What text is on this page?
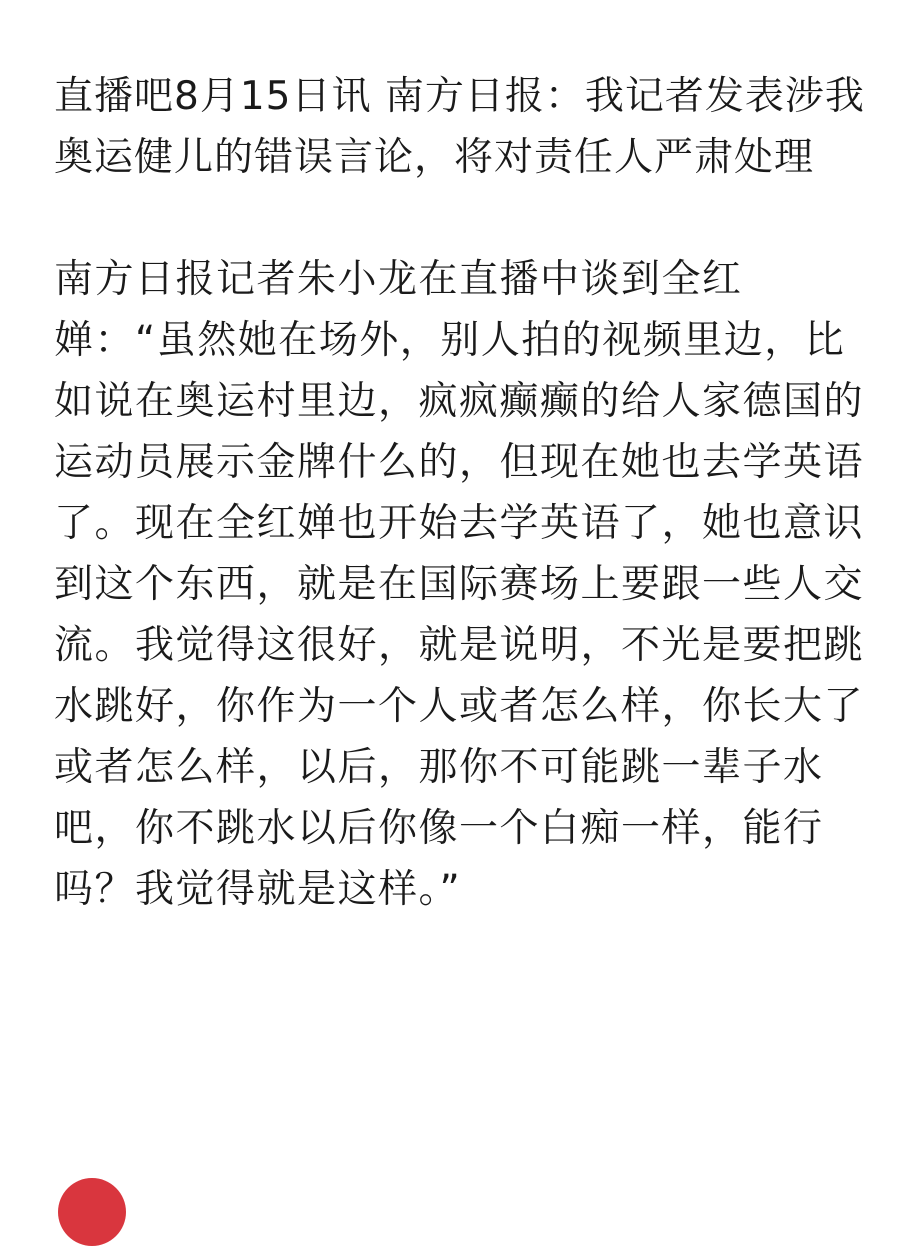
直播吧8月15日讯 南方日报：我记者发表涉我奥运健儿的错误言论，将对责任人严肃处理

南方日报记者朱小龙在直播中谈到全红婵：“虽然她在场外，别人拍的视频里边，比如说在奥运村里边，疯疯癫癫的给人家德国的运动员展示金牌什么的，但现在她也去学英语了。现在全红婵也开始去学英语了，她也意识到这个东西，就是在国际赛场上要跟一些人交流。我觉得这很好，就是说明，不光是要把跳水跳好，你作为一个人或者怎么样，你长大了或者怎么样，以后，那你不可能跳一辈子水吧，你不跳水以后你像一个白痴一样，能行吗？我觉得就是这样。”
